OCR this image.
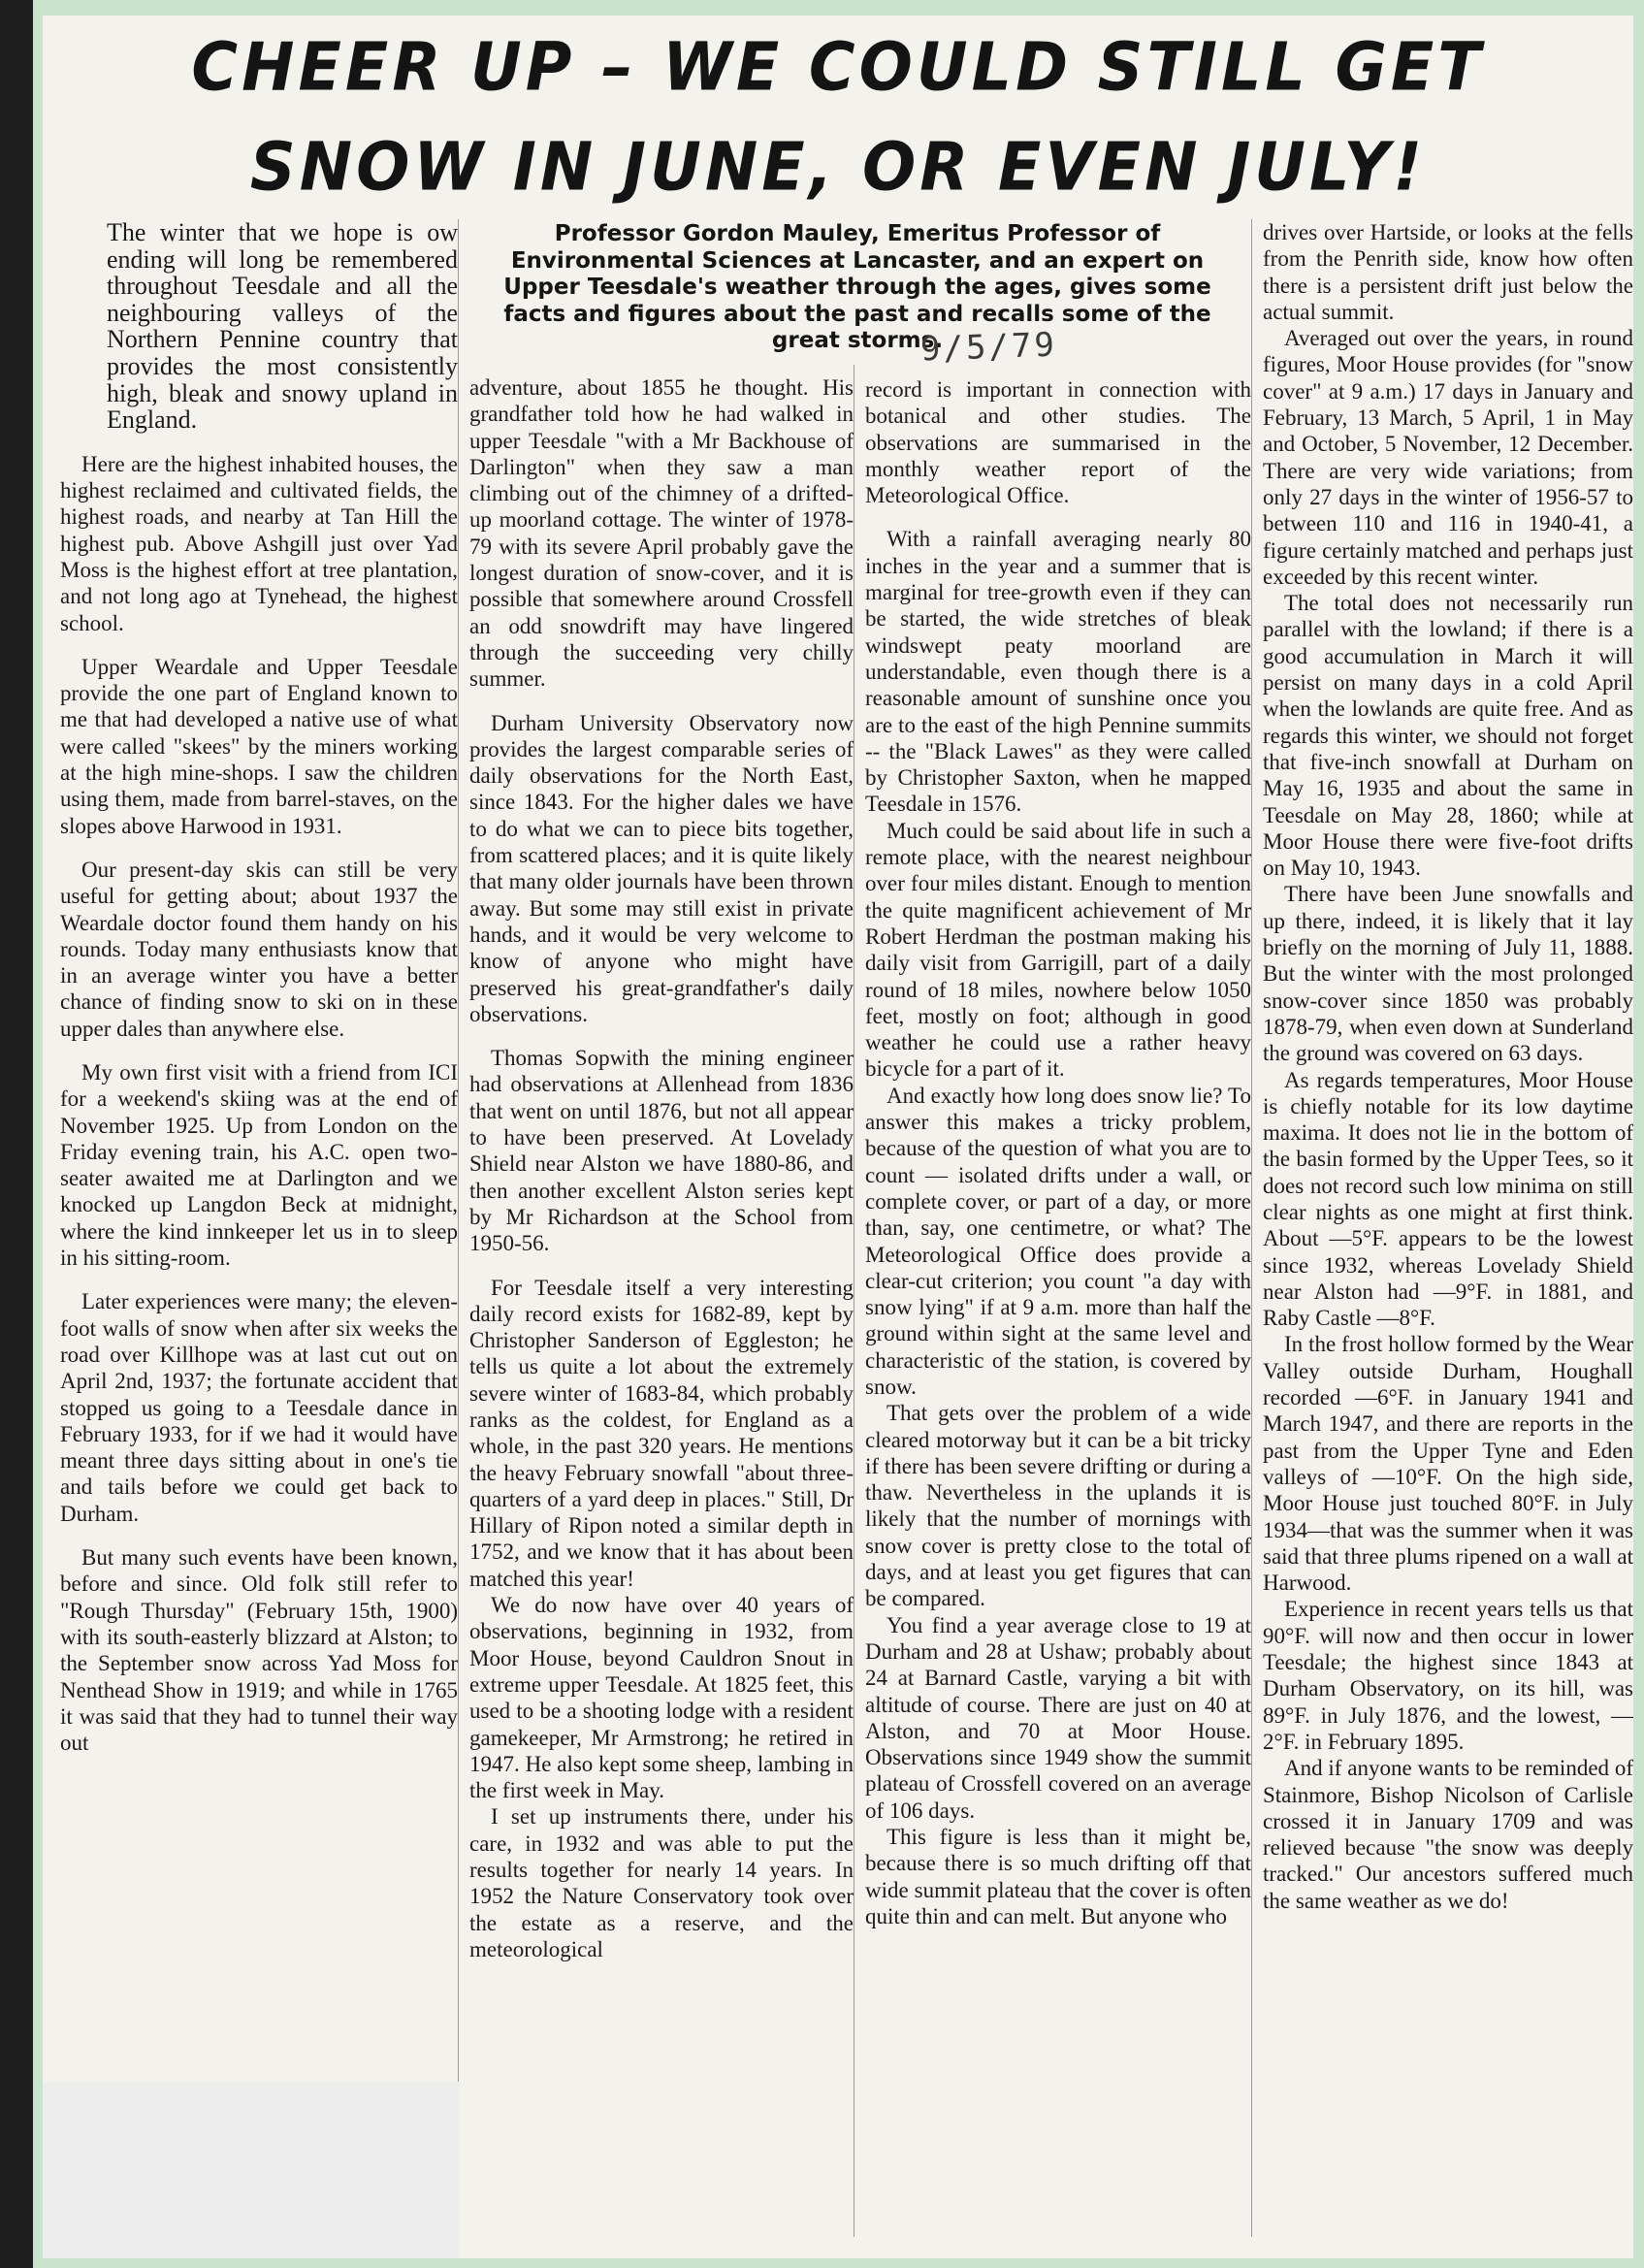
CHEER UP – WE COULD STILL GET
SNOW IN JUNE, OR EVEN JULY!
Professor Gordon Mauley, Emeritus Professor of Environmental Sciences at Lancaster, and an expert on Upper Teesdale's weather through the ages, gives some facts and figures about the past and recalls some of the great storms.
9/5/79

The winter that we hope is ow ending will long be remembered throughout Teesdale and all the neighbouring valleys of the Northern Pennine country that provides the most consistently high, bleak and snowy upland in England.

Here are the highest inhabited houses, the highest reclaimed and cultivated fields, the highest roads, and nearby at Tan Hill the highest pub. Above Ashgill just over Yad Moss is the highest effort at tree plantation, and not long ago at Tynehead, the highest school.

Upper Weardale and Upper Teesdale provide the one part of England known to me that had developed a native use of what were called "skees" by the miners working at the high mine-shops. I saw the children using them, made from barrel-staves, on the slopes above Harwood in 1931.

Our present-day skis can still be very useful for getting about; about 1937 the Weardale doctor found them handy on his rounds. Today many enthusiasts know that in an average winter you have a better chance of finding snow to ski on in these upper dales than anywhere else.

My own first visit with a friend from ICI for a weekend's skiing was at the end of November 1925. Up from London on the Friday evening train, his A.C. open two-seater awaited me at Darlington and we knocked up Langdon Beck at midnight, where the kind innkeeper let us in to sleep in his sitting-room.

Later experiences were many; the eleven-foot walls of snow when after six weeks the road over Killhope was at last cut out on April 2nd, 1937; the fortunate accident that stopped us going to a Teesdale dance in February 1933, for if we had it would have meant three days sitting about in one's tie and tails before we could get back to Durham.

But many such events have been known, before and since. Old folk still refer to "Rough Thursday" (February 15th, 1900) with its south-easterly blizzard at Alston; to the September snow across Yad Moss for Nenthead Show in 1919; and while in 1765 it was said that they had to tunnel their way out

adventure, about 1855 he thought. His grandfather told how he had walked in upper Teesdale "with a Mr Backhouse of Darlington" when they saw a man climbing out of the chimney of a drifted-up moorland cottage. The winter of 1978-79 with its severe April probably gave the longest duration of snow-cover, and it is possible that somewhere around Crossfell an odd snowdrift may have lingered through the succeeding very chilly summer.

Durham University Observatory now provides the largest comparable series of daily observations for the North East, since 1843. For the higher dales we have to do what we can to piece bits together, from scattered places; and it is quite likely that many older journals have been thrown away. But some may still exist in private hands, and it would be very welcome to know of anyone who might have preserved his great-grandfather's daily observations.

Thomas Sopwith the mining engineer had observations at Allenhead from 1836 that went on until 1876, but not all appear to have been preserved. At Lovelady Shield near Alston we have 1880-86, and then another excellent Alston series kept by Mr Richardson at the School from 1950-56.

For Teesdale itself a very interesting daily record exists for 1682-89, kept by Christopher Sanderson of Eggleston; he tells us quite a lot about the extremely severe winter of 1683-84, which probably ranks as the coldest, for England as a whole, in the past 320 years. He mentions the heavy February snowfall "about three-quarters of a yard deep in places." Still, Dr Hillary of Ripon noted a similar depth in 1752, and we know that it has about been matched this year!

We do now have over 40 years of observations, beginning in 1932, from Moor House, beyond Cauldron Snout in extreme upper Teesdale. At 1825 feet, this used to be a shooting lodge with a resident gamekeeper, Mr Armstrong; he retired in 1947. He also kept some sheep, lambing in the first week in May.

I set up instruments there, under his care, in 1932 and was able to put the results together for nearly 14 years. In 1952 the Nature Conservatory took over the estate as a reserve, and the meteorological

record is important in connection with botanical and other studies. The observations are summarised in the monthly weather report of the Meteorological Office.

With a rainfall averaging nearly 80 inches in the year and a summer that is marginal for tree-growth even if they can be started, the wide stretches of bleak windswept peaty moorland are understandable, even though there is a reasonable amount of sunshine once you are to the east of the high Pennine summits -- the "Black Lawes" as they were called by Christopher Saxton, when he mapped Teesdale in 1576.

Much could be said about life in such a remote place, with the nearest neighbour over four miles distant. Enough to mention the quite magnificent achievement of Mr Robert Herdman the postman making his daily visit from Garrigill, part of a daily round of 18 miles, nowhere below 1050 feet, mostly on foot; although in good weather he could use a rather heavy bicycle for a part of it.

And exactly how long does snow lie? To answer this makes a tricky problem, because of the question of what you are to count — isolated drifts under a wall, or complete cover, or part of a day, or more than, say, one centimetre, or what? The Meteorological Office does provide a clear-cut criterion; you count "a day with snow lying" if at 9 a.m. more than half the ground within sight at the same level and characteristic of the station, is covered by snow.

That gets over the problem of a wide cleared motorway but it can be a bit tricky if there has been severe drifting or during a thaw. Nevertheless in the uplands it is likely that the number of mornings with snow cover is pretty close to the total of days, and at least you get figures that can be compared.

You find a year average close to 19 at Durham and 28 at Ushaw; probably about 24 at Barnard Castle, varying a bit with altitude of course. There are just on 40 at Alston, and 70 at Moor House. Observations since 1949 show the summit plateau of Crossfell covered on an average of 106 days.

This figure is less than it might be, because there is so much drifting off that wide summit plateau that the cover is often quite thin and can melt. But anyone who

drives over Hartside, or looks at the fells from the Penrith side, know how often there is a persistent drift just below the actual summit.

Averaged out over the years, in round figures, Moor House provides (for "snow cover" at 9 a.m.) 17 days in January and February, 13 March, 5 April, 1 in May and October, 5 November, 12 December. There are very wide variations; from only 27 days in the winter of 1956-57 to between 110 and 116 in 1940-41, a figure certainly matched and perhaps just exceeded by this recent winter.

The total does not necessarily run parallel with the lowland; if there is a good accumulation in March it will persist on many days in a cold April when the lowlands are quite free. And as regards this winter, we should not forget that five-inch snowfall at Durham on May 16, 1935 and about the same in Teesdale on May 28, 1860; while at Moor House there were five-foot drifts on May 10, 1943.

There have been June snowfalls and up there, indeed, it is likely that it lay briefly on the morning of July 11, 1888. But the winter with the most prolonged snow-cover since 1850 was probably 1878-79, when even down at Sunderland the ground was covered on 63 days.

As regards temperatures, Moor House is chiefly notable for its low daytime maxima. It does not lie in the bottom of the basin formed by the Upper Tees, so it does not record such low minima on still clear nights as one might at first think. About —5°F. appears to be the lowest since 1932, whereas Lovelady Shield near Alston had —9°F. in 1881, and Raby Castle —8°F.

In the frost hollow formed by the Wear Valley outside Durham, Houghall recorded —6°F. in January 1941 and March 1947, and there are reports in the past from the Upper Tyne and Eden valleys of —10°F. On the high side, Moor House just touched 80°F. in July 1934—that was the summer when it was said that three plums ripened on a wall at Harwood.

Experience in recent years tells us that 90°F. will now and then occur in lower Teesdale; the highest since 1843 at Durham Observatory, on its hill, was 89°F. in July 1876, and the lowest, —2°F. in February 1895.

And if anyone wants to be reminded of Stainmore, Bishop Nicolson of Carlisle crossed it in January 1709 and was relieved because "the snow was deeply tracked." Our ancestors suffered much the same weather as we do!
